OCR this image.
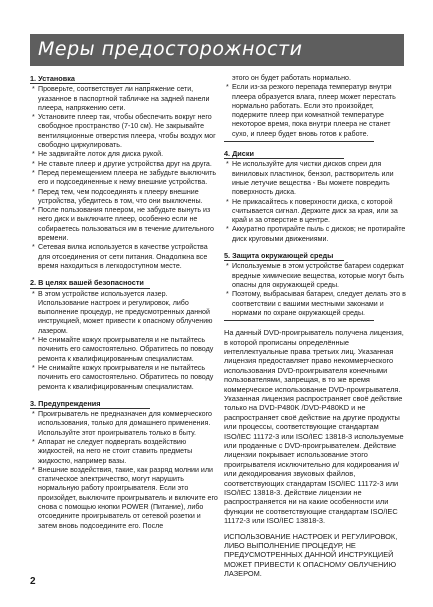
Меры предосторожности
1. Установка
* Проверьте, соответствует ли напряжение сети, указанное в паспортной табличке на задней панели плеера, напряжению сети.
* Установите плеер так, чтобы обеспечить вокруг него свободное пространство (7-10 см). Не закрывайте вентиляционные отверстия плеера, чтобы воздух мог свободно циркулировать.
* Не задвигайте лоток для диска рукой.
* Не ставьте плеер и другие устройства друг на друга.
* Перед перемещением плеера не забудьте выключить его и подсоединенные к нему внешние устройства.
* Перед тем, чем подсоединять к плееру внешние устройства, убедитесь в том, что они выключены.
* После пользования плеером, не забудьте вынуть из него диск и выключите плеер, особенно если не собираетесь пользоваться им в течение длительного времени.
* Сетевая вилка используется в качестве устройства для отсоединения от сети питания. Онадолжна все время находиться в легкодоступном месте.
2. В целях вашей безопасности
* В этом устройстве используется лазер. Использование настроек и регулировок, либо выполнение процедур, не предусмотренных данной инструкцией, может привести к опасному облучению лазером.
* Не снимайте кожух проигрывателя и не пытайтесь починить его самостоятельно. Обратитесь по поводу ремонта к квалифицированным специалистам.
* Не снимайте кожух проигрывателя и не пытайтесь починить его самостоятельно. Обратитесь по поводу ремонта к квалифицированным специалистам.
3. Предупреждения
* Проигрыватель не предназначен для коммерческого использования, только для домашнего применения. Используйте этот проигрыватель только в быту.
* Аппарат не следует подвергать воздействию жидкостей, на него не стоит ставить предметы жидкостю, например вазы.
* Внешние воздействия, такие, как разряд молнии или статическое электричество, могут нарушить нормальную работу проигрывателя. Если это произойдет, выключите проигрыватель и включите его снова с помощью кнопки POWER (Питание), либо отсоедините проигрыватель от сетевой розетки и затем вновь подсоедините его. После
этого он будет работать нормально.
* Если из-за резкого перепада температур внутри плеера образуется влага, плеер может перестать нормально работать. Если это произойдет, подержите плеер при комнатной температуре некоторое время, пока внутри плеера не станет сухо, и плеер будет вновь готов к работе.
4. Диски
* Не используйте для чистки дисков спреи для виниловых пластинок, бензол, растворитель или иные летучие вещества - Вы можете повредить поверхность диска.
* Не прикасайтесь к поверхности диска, с которой считывается сигнал. Держите диск за края, или за край и за отверстие в центре.
* Аккуратно протирайте пыль с дисков; не протирайте диск круговыми движениями.
5. Защита окружающей среды
* Используемые в этом устройстве батареи содержат вредные химические вещества, которые могут быть опасны для окружающей среды.
* Поэтому, выбрасывая батареи, следует делать это в соответствии с вашими местными законами и нормами по охране окружающей среды.
На данный DVD-проигрыватель получена лицензия, в которой прописаны определённые интеллектуальные права третьих лиц. Указанная лицензия предоставляет право некоммерческого использования DVD-проигрывателя конечными пользователями, запрещая, в то же время коммерческое использование DVD-проигрывателя. Указанная лицензия распространяет своё действие только на DVD-P480K /DVD-P480KD и не распространяет своё действие на другие продукты или процессы, соответствующие стандартам ISO/IEC 11172-3 или ISO/IEC 13818-3 используемые или проданные с DVD-проигрывателем. Действие лицензии покрывает использование этого проигрывателя исключительно для кодирования и/или декодирования звуковых файлов, соответствующих стандартам ISO/IEC 11172-3 или ISO/IEC 13818-3. Действие лицензии не распространяется ни на какие особенности или функции не соответствующие стандартам ISO/IEC 11172-3 или ISO/IEC 13818-3.
ИСПОЛЬЗОВАНИЕ НАСТРОЕК И РЕГУЛИРОВОК, ЛИБО ВЫПОЛНЕНИЕ ПРОЦЕДУР, НЕ ПРЕДУСМОТРЕННЫХ ДАННОЙ ИНСТРУКЦИЕЙ МОЖЕТ ПРИВЕСТИ К ОПАСНОМУ ОБЛУЧЕНИЮ ЛАЗЕРОМ.
2
